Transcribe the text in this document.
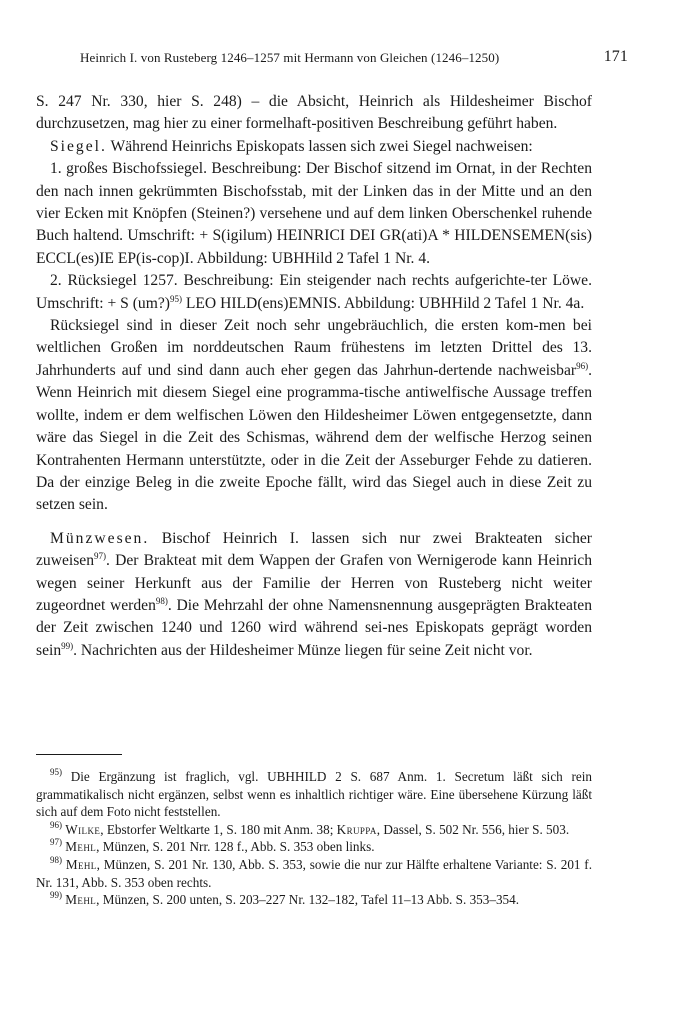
Heinrich I. von Rusteberg 1246–1257 mit Hermann von Gleichen (1246–1250)	171

S. 247 Nr. 330, hier S. 248) – die Absicht, Heinrich als Hildesheimer Bischof durchzusetzen, mag hier zu einer formelhaft-positiven Beschreibung geführt haben.

Siegel. Während Heinrichs Episkopats lassen sich zwei Siegel nachweisen:

1. großes Bischofssiegel. Beschreibung: Der Bischof sitzend im Ornat, in der Rechten den nach innen gekrümmten Bischofsstab, mit der Linken das in der Mitte und an den vier Ecken mit Knöpfen (Steinen?) versehene und auf dem linken Oberschenkel ruhende Buch haltend. Umschrift: + S(igilum) HEINRICI DEI GR(ati)A * HILDENSEMEN(sis) ECCL(es)IE EP(is-cop)I. Abbildung: UBHHild 2 Tafel 1 Nr. 4.

2. Rücksiegel 1257. Beschreibung: Ein steigender nach rechts aufgerichte-ter Löwe. Umschrift: + S (um?)$^{95)}$ LEO HILD(ens)EMNIS. Abbildung: UBHHild 2 Tafel 1 Nr. 4a.

Rücksiegel sind in dieser Zeit noch sehr ungebräuchlich, die ersten kom-men bei weltlichen Großen im norddeutschen Raum frühestens im letzten Drittel des 13. Jahrhunderts auf und sind dann auch eher gegen das Jahrhun-dertende nachweisbar$^{96)}$. Wenn Heinrich mit diesem Siegel eine programma-tische antiwelfische Aussage treffen wollte, indem er dem welfischen Löwen den Hildesheimer Löwen entgegensetzte, dann wäre das Siegel in die Zeit des Schismas, während dem der welfische Herzog seinen Kontrahenten Hermann unterstützte, oder in die Zeit der Asseburger Fehde zu datieren. Da der einzige Beleg in die zweite Epoche fällt, wird das Siegel auch in diese Zeit zu setzen sein.

Münzwesen. Bischof Heinrich I. lassen sich nur zwei Brakteaten sicher zuweisen$^{97)}$. Der Brakteat mit dem Wappen der Grafen von Wernigerode kann Heinrich wegen seiner Herkunft aus der Familie der Herren von Rusteberg nicht weiter zugeordnet werden$^{98)}$. Die Mehrzahl der ohne Namensnennung ausgeprägten Brakteaten der Zeit zwischen 1240 und 1260 wird während sei-nes Episkopats geprägt worden sein$^{99)}$. Nachrichten aus der Hildesheimer Münze liegen für seine Zeit nicht vor.

$^{95)}$ Die Ergänzung ist fraglich, vgl. UBHHILD 2 S. 687 Anm. 1. Secretum läßt sich rein grammatikalisch nicht ergänzen, selbst wenn es inhaltlich richtiger wäre. Eine übersehene Kürzung läßt sich auf dem Foto nicht feststellen.

$^{96)}$ Wilke, Ebstorfer Weltkarte 1, S. 180 mit Anm. 38; Kruppa, Dassel, S. 502 Nr. 556, hier S. 503.

$^{97)}$ Mehl, Münzen, S. 201 Nrr. 128 f., Abb. S. 353 oben links.

$^{98)}$ Mehl, Münzen, S. 201 Nr. 130, Abb. S. 353, sowie die nur zur Hälfte erhaltene Variante: S. 201 f. Nr. 131, Abb. S. 353 oben rechts.

$^{99)}$ Mehl, Münzen, S. 200 unten, S. 203–227 Nr. 132–182, Tafel 11–13 Abb. S. 353–354.
